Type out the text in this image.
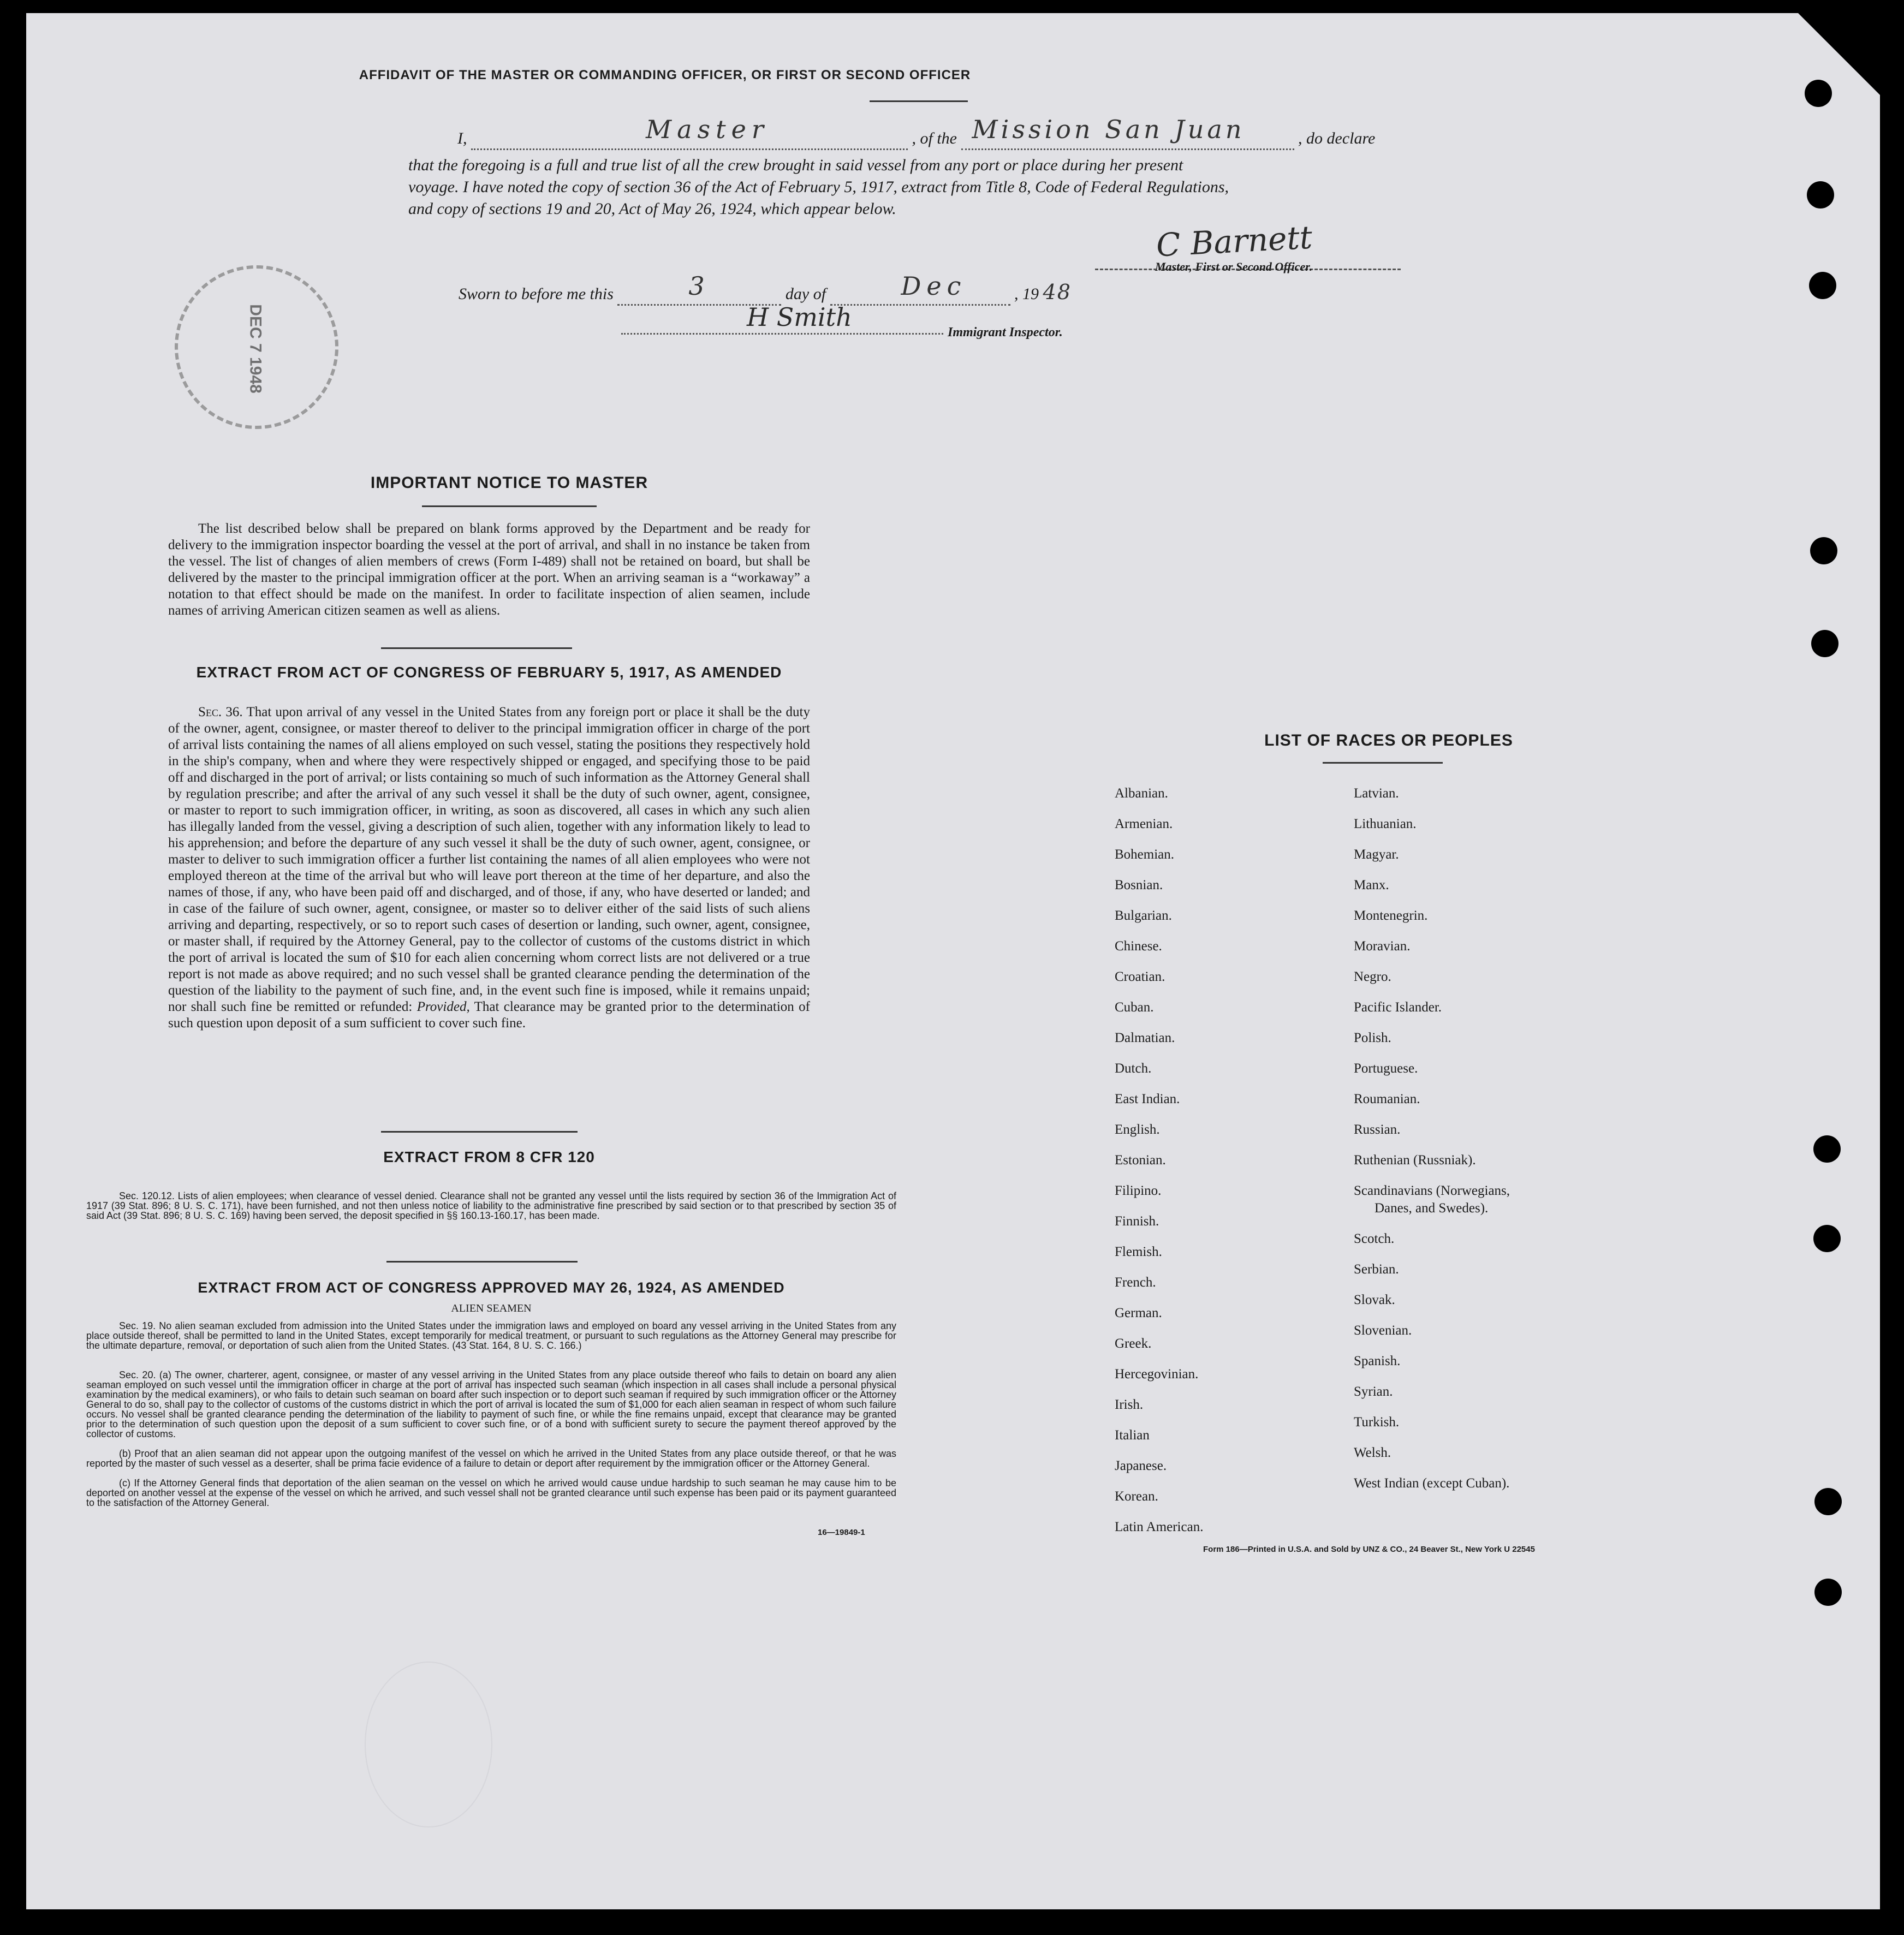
AFFIDAVIT OF THE MASTER OR COMMANDING OFFICER, OR FIRST OR SECOND OFFICER
I,	Master	, of the Mission San Juan	, do declare
that the foregoing is a full and true list of all the crew brought in said vessel from any port or place during her present
voyage. I have noted the copy of section 36 of the Act of February 5, 1917, extract from Title 8, Code of Federal Regulations,
and copy of sections 19 and 20, Act of May 26, 1924, which appear below.
C Barnett
Master, First or Second Officer.
Sworn to before me this	3	day of	Dec	, 19 48
H Smith
Immigrant Inspector.
DEC 7 1948
IMPORTANT NOTICE TO MASTER
The list described below shall be prepared on blank forms approved by the Department and be ready for delivery to the immigration inspector boarding the vessel at the port of arrival, and shall in no instance be taken from the vessel. The list of changes of alien members of crews (Form I-489) shall not be retained on board, but shall be delivered by the master to the principal immigration officer at the port. When an arriving seaman is a “workaway” a notation to that effect should be made on the manifest. In order to facilitate inspection of alien seamen, include names of arriving American citizen seamen as well as aliens.
EXTRACT FROM ACT OF CONGRESS OF FEBRUARY 5, 1917, AS AMENDED
Sec. 36. That upon arrival of any vessel in the United States from any foreign port or place it shall be the duty of the owner, agent, consignee, or master thereof to deliver to the principal immigration officer in charge of the port of arrival lists containing the names of all aliens employed on such vessel, stating the positions they respectively hold in the ship's company, when and where they were respectively shipped or engaged, and specifying those to be paid off and discharged in the port of arrival; or lists containing so much of such information as the Attorney General shall by regulation prescribe; and after the arrival of any such vessel it shall be the duty of such owner, agent, consignee, or master to report to such immigration officer, in writing, as soon as discovered, all cases in which any such alien has illegally landed from the vessel, giving a description of such alien, together with any information likely to lead to his apprehension; and before the departure of any such vessel it shall be the duty of such owner, agent, consignee, or master to deliver to such immigration officer a further list containing the names of all alien employees who were not employed thereon at the time of the arrival but who will leave port thereon at the time of her departure, and also the names of those, if any, who have been paid off and discharged, and of those, if any, who have deserted or landed; and in case of the failure of such owner, agent, consignee, or master so to deliver either of the said lists of such aliens arriving and departing, respectively, or so to report such cases of desertion or landing, such owner, agent, consignee, or master shall, if required by the Attorney General, pay to the collector of customs of the customs district in which the port of arrival is located the sum of $10 for each alien concerning whom correct lists are not delivered or a true report is not made as above required; and no such vessel shall be granted clearance pending the determination of the question of the liability to the payment of such fine, and, in the event such fine is imposed, while it remains unpaid; nor shall such fine be remitted or refunded: Provided, That clearance may be granted prior to the determination of such question upon deposit of a sum sufficient to cover such fine.
EXTRACT FROM 8 CFR 120
Sec. 120.12. Lists of alien employees; when clearance of vessel denied. Clearance shall not be granted any vessel until the lists required by section 36 of the Immigration Act of 1917 (39 Stat. 896; 8 U. S. C. 171), have been furnished, and not then unless notice of liability to the administrative fine prescribed by said section or to that prescribed by section 35 of said Act (39 Stat. 896; 8 U. S. C. 169) having been served, the deposit specified in §§ 160.13-160.17, has been made.
EXTRACT FROM ACT OF CONGRESS APPROVED MAY 26, 1924, AS AMENDED
ALIEN SEAMEN
Sec. 19. No alien seaman excluded from admission into the United States under the immigration laws and employed on board any vessel arriving in the United States from any place outside thereof, shall be permitted to land in the United States, except temporarily for medical treatment, or pursuant to such regulations as the Attorney General may prescribe for the ultimate departure, removal, or deportation of such alien from the United States. (43 Stat. 164, 8 U. S. C. 166.)
Sec. 20. (a) The owner, charterer, agent, consignee, or master of any vessel arriving in the United States from any place outside thereof who fails to detain on board any alien seaman employed on such vessel until the immigration officer in charge at the port of arrival has inspected such seaman (which inspection in all cases shall include a personal physical examination by the medical examiners), or who fails to detain such seaman on board after such inspection or to deport such seaman if required by such immigration officer or the Attorney General to do so, shall pay to the collector of customs of the customs district in which the port of arrival is located the sum of $1,000 for each alien seaman in respect of whom such failure occurs. No vessel shall be granted clearance pending the determination of the liability to payment of such fine, or while the fine remains unpaid, except that clearance may be granted prior to the determination of such question upon the deposit of a sum sufficient to cover such fine, or of a bond with sufficient surety to secure the payment thereof approved by the collector of customs.
(b) Proof that an alien seaman did not appear upon the outgoing manifest of the vessel on which he arrived in the United States from any place outside thereof, or that he was reported by the master of such vessel as a deserter, shall be prima facie evidence of a failure to detain or deport after requirement by the immigration officer or the Attorney General.
(c) If the Attorney General finds that deportation of the alien seaman on the vessel on which he arrived would cause undue hardship to such seaman he may cause him to be deported on another vessel at the expense of the vessel on which he arrived, and such vessel shall not be granted clearance until such expense has been paid or its payment guaranteed to the satisfaction of the Attorney General.
16—19849-1
LIST OF RACES OR PEOPLES
Albanian.
Armenian.
Bohemian.
Bosnian.
Bulgarian.
Chinese.
Croatian.
Cuban.
Dalmatian.
Dutch.
East Indian.
English.
Estonian.
Filipino.
Finnish.
Flemish.
French.
German.
Greek.
Hercegovinian.
Irish.
Italian
Japanese.
Korean.
Latin American.
Latvian.
Lithuanian.
Magyar.
Manx.
Montenegrin.
Moravian.
Negro.
Pacific Islander.
Polish.
Portuguese.
Roumanian.
Russian.
Ruthenian (Russniak).
Scandinavians (Norwegians,
Danes, and Swedes).
Scotch.
Serbian.
Slovak.
Slovenian.
Spanish.
Syrian.
Turkish.
Welsh.
West Indian (except Cuban).
Form 186—Printed in U.S.A. and Sold by UNZ & CO., 24 Beaver St., New York U 22545
